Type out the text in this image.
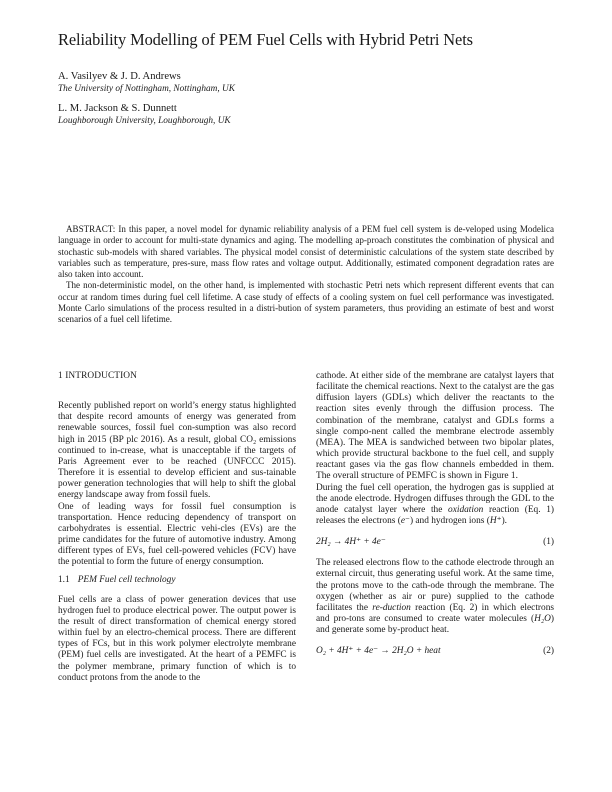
Reliability Modelling of PEM Fuel Cells with Hybrid Petri Nets
A. Vasilyev & J. D. Andrews
The University of Nottingham, Nottingham, UK
L. M. Jackson & S. Dunnett
Loughborough University, Loughborough, UK

ABSTRACT: In this paper, a novel model for dynamic reliability analysis of a PEM fuel cell system is de-veloped using Modelica language in order to account for multi-state dynamics and aging. The modelling ap-proach constitutes the combination of physical and stochastic sub-models with shared variables. The physical model consist of deterministic calculations of the system state described by variables such as temperature, pres-sure, mass flow rates and voltage output. Additionally, estimated component degradation rates are also taken into account.

The non-deterministic model, on the other hand, is implemented with stochastic Petri nets which represent different events that can occur at random times during fuel cell lifetime. A case study of effects of a cooling system on fuel cell performance was investigated. Monte Carlo simulations of the process resulted in a distri-bution of system parameters, thus providing an estimate of best and worst scenarios of a fuel cell lifetime.

1 INTRODUCTION

Recently published report on world’s energy status highlighted that despite record amounts of energy was generated from renewable sources, fossil fuel con-sumption was also record high in 2015 (BP plc 2016). As a result, global CO₂ emissions continued to in-crease, what is unacceptable if the targets of Paris Agreement ever to be reached (UNFCCC 2015). Therefore it is essential to develop efficient and sus-tainable power generation technologies that will help to shift the global energy landscape away from fossil fuels.

One of leading ways for fossil fuel consumption is transportation. Hence reducing dependency of transport on carbohydrates is essential. Electric vehi-cles (EVs) are the prime candidates for the future of automotive industry. Among different types of EVs, fuel cell-powered vehicles (FCV) have the potential to form the future of energy consumption.

1.1 PEM Fuel cell technology

Fuel cells are a class of power generation devices that use hydrogen fuel to produce electrical power. The output power is the result of direct transformation of chemical energy stored within fuel by an electro-chemical process. There are different types of FCs, but in this work polymer electrolyte membrane (PEM) fuel cells are investigated. At the heart of a PEMFC is the polymer membrane, primary function of which is to conduct protons from the anode to the

cathode. At either side of the membrane are catalyst layers that facilitate the chemical reactions. Next to the catalyst are the gas diffusion layers (GDLs) which deliver the reactants to the reaction sites evenly through the diffusion process. The combination of the membrane, catalyst and GDLs forms a single compo-nent called the membrane electrode assembly (MEA). The MEA is sandwiched between two bipolar plates, which provide structural backbone to the fuel cell, and supply reactant gases via the gas flow channels embedded in them. The overall structure of PEMFC is shown in Figure 1.

During the fuel cell operation, the hydrogen gas is supplied at the anode electrode. Hydrogen diffuses through the GDL to the anode catalyst layer where the oxidation reaction (Eq. 1) releases the electrons (e⁻) and hydrogen ions (H⁺).

2H₂ → 4H⁺ + 4e⁻	(1)

The released electrons flow to the cathode electrode through an external circuit, thus generating useful work. At the same time, the protons move to the cath-ode through the membrane. The oxygen (whether as air or pure) supplied to the cathode facilitates the re-duction reaction (Eq. 2) in which electrons and pro-tons are consumed to create water molecules (H₂O) and generate some by-product heat.

O₂ + 4H⁺ + 4e⁻ → 2H₂O + heat	(2)
